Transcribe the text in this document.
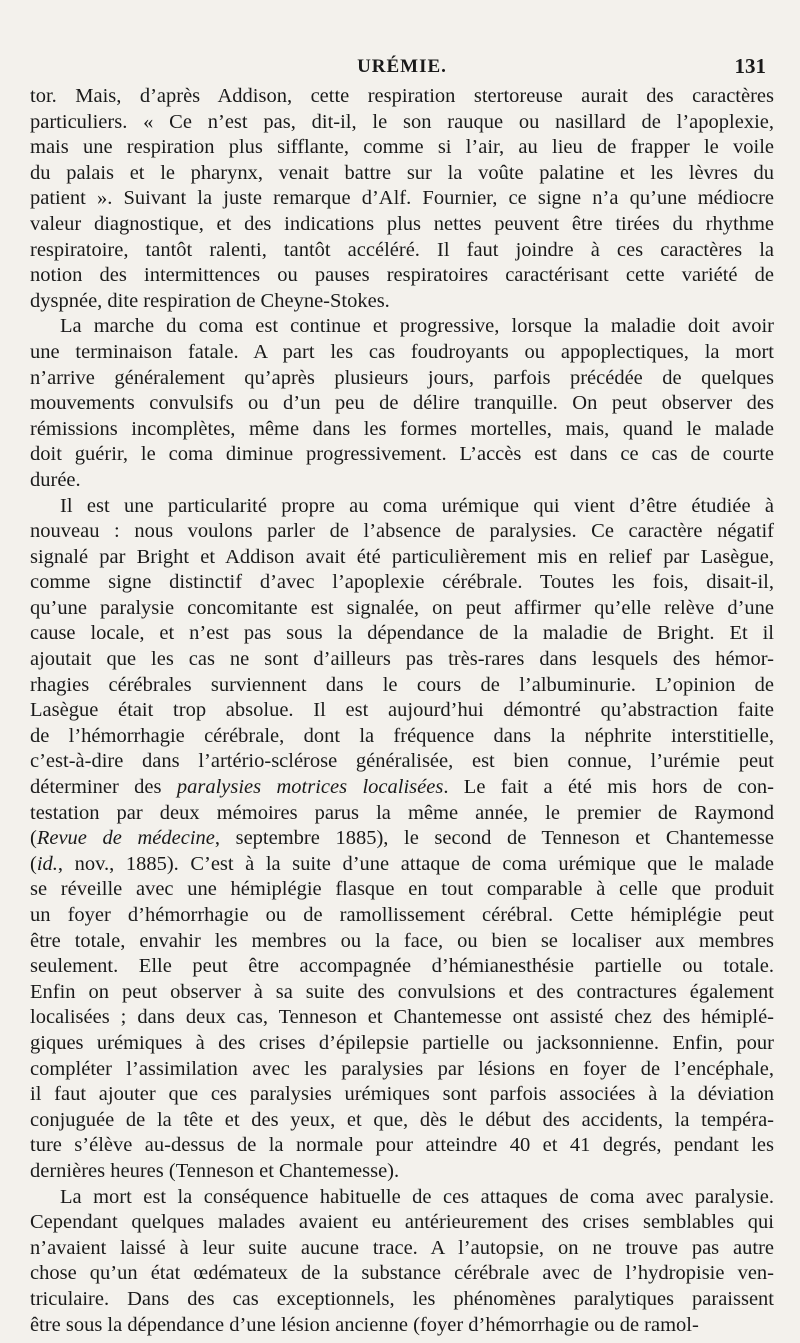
URÉMIE.	131
tor. Mais, d’après Addison, cette respiration stertoreuse aurait des caractères
particuliers. « Ce n’est pas, dit-il, le son rauque ou nasillard de l’apoplexie,
mais une respiration plus sifflante, comme si l’air, au lieu de frapper le voile
du palais et le pharynx, venait battre sur la voûte palatine et les lèvres du
patient ». Suivant la juste remarque d’Alf. Fournier, ce signe n’a qu’une médiocre
valeur diagnostique, et des indications plus nettes peuvent être tirées du rhythme
respiratoire, tantôt ralenti, tantôt accéléré. Il faut joindre à ces caractères la
notion des intermittences ou pauses respiratoires caractérisant cette variété de
dyspnée, dite respiration de Cheyne-Stokes.
La marche du coma est continue et progressive, lorsque la maladie doit avoir
une terminaison fatale. A part les cas foudroyants ou appoplectiques, la mort
n’arrive généralement qu’après plusieurs jours, parfois précédée de quelques
mouvements convulsifs ou d’un peu de délire tranquille. On peut observer des
rémissions incomplètes, même dans les formes mortelles, mais, quand le malade
doit guérir, le coma diminue progressivement. L’accès est dans ce cas de courte
durée.
Il est une particularité propre au coma urémique qui vient d’être étudiée à
nouveau : nous voulons parler de l’absence de paralysies. Ce caractère négatif
signalé par Bright et Addison avait été particulièrement mis en relief par Lasègue,
comme signe distinctif d’avec l’apoplexie cérébrale. Toutes les fois, disait-il,
qu’une paralysie concomitante est signalée, on peut affirmer qu’elle relève d’une
cause locale, et n’est pas sous la dépendance de la maladie de Bright. Et il
ajoutait que les cas ne sont d’ailleurs pas très-rares dans lesquels des hémor-
rhagies cérébrales surviennent dans le cours de l’albuminurie. L’opinion de
Lasègue était trop absolue. Il est aujourd’hui démontré qu’abstraction faite
de l’hémorrhagie cérébrale, dont la fréquence dans la néphrite interstitielle,
c’est-à-dire dans l’artério-sclérose généralisée, est bien connue, l’urémie peut
déterminer des paralysies motrices localisées. Le fait a été mis hors de con-
testation par deux mémoires parus la même année, le premier de Raymond
(Revue de médecine, septembre 1885), le second de Tenneson et Chantemesse
(id., nov., 1885). C’est à la suite d’une attaque de coma urémique que le malade
se réveille avec une hémiplégie flasque en tout comparable à celle que produit
un foyer d’hémorrhagie ou de ramollissement cérébral. Cette hémiplégie peut
être totale, envahir les membres ou la face, ou bien se localiser aux membres
seulement. Elle peut être accompagnée d’hémianesthésie partielle ou totale.
Enfin on peut observer à sa suite des convulsions et des contractures également
localisées ; dans deux cas, Tenneson et Chantemesse ont assisté chez des hémiplé-
giques urémiques à des crises d’épilepsie partielle ou jacksonnienne. Enfin, pour
compléter l’assimilation avec les paralysies par lésions en foyer de l’encéphale,
il faut ajouter que ces paralysies urémiques sont parfois associées à la déviation
conjuguée de la tête et des yeux, et que, dès le début des accidents, la tempéra-
ture s’élève au-dessus de la normale pour atteindre 40 et 41 degrés, pendant les
dernières heures (Tenneson et Chantemesse).
La mort est la conséquence habituelle de ces attaques de coma avec paralysie.
Cependant quelques malades avaient eu antérieurement des crises semblables qui
n’avaient laissé à leur suite aucune trace. A l’autopsie, on ne trouve pas autre
chose qu’un état œdémateux de la substance cérébrale avec de l’hydropisie ven-
triculaire. Dans des cas exceptionnels, les phénomènes paralytiques paraissent
être sous la dépendance d’une lésion ancienne (foyer d’hémorrhagie ou de ramol-
